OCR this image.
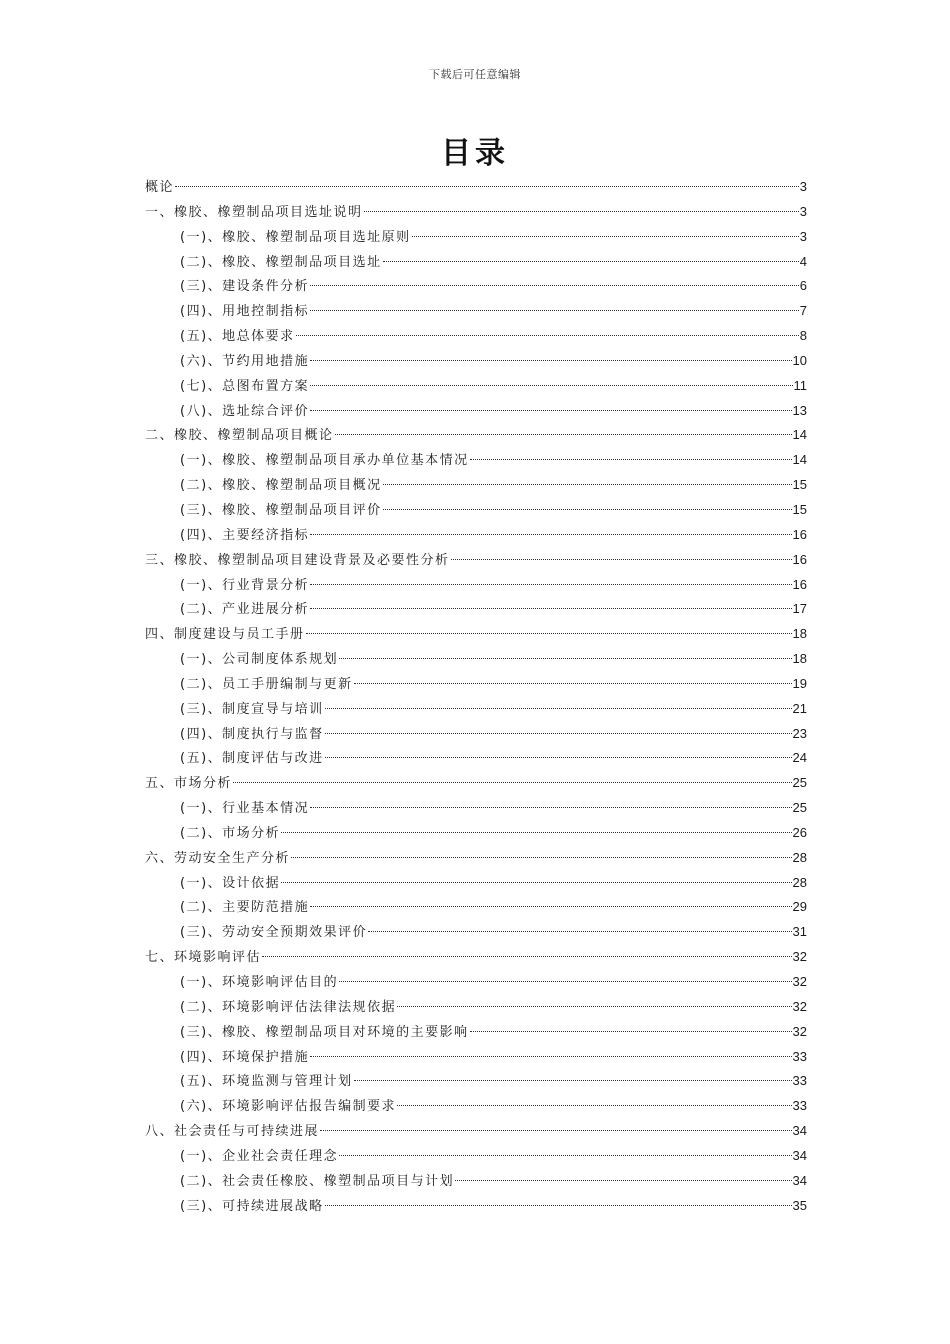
下载后可任意编辑
目录
概论	3
一、橡胶、橡塑制品项目选址说明	3
(一)、橡胶、橡塑制品项目选址原则	3
(二)、橡胶、橡塑制品项目选址	4
(三)、建设条件分析	6
(四)、用地控制指标	7
(五)、地总体要求	8
(六)、节约用地措施	10
(七)、总图布置方案	11
(八)、选址综合评价	13
二、橡胶、橡塑制品项目概论	14
(一)、橡胶、橡塑制品项目承办单位基本情况	14
(二)、橡胶、橡塑制品项目概况	15
(三)、橡胶、橡塑制品项目评价	15
(四)、主要经济指标	16
三、橡胶、橡塑制品项目建设背景及必要性分析	16
(一)、行业背景分析	16
(二)、产业进展分析	17
四、制度建设与员工手册	18
(一)、公司制度体系规划	18
(二)、员工手册编制与更新	19
(三)、制度宣导与培训	21
(四)、制度执行与监督	23
(五)、制度评估与改进	24
五、市场分析	25
(一)、行业基本情况	25
(二)、市场分析	26
六、劳动安全生产分析	28
(一)、设计依据	28
(二)、主要防范措施	29
(三)、劳动安全预期效果评价	31
七、环境影响评估	32
(一)、环境影响评估目的	32
(二)、环境影响评估法律法规依据	32
(三)、橡胶、橡塑制品项目对环境的主要影响	32
(四)、环境保护措施	33
(五)、环境监测与管理计划	33
(六)、环境影响评估报告编制要求	33
八、社会责任与可持续进展	34
(一)、企业社会责任理念	34
(二)、社会责任橡胶、橡塑制品项目与计划	34
(三)、可持续进展战略	35
